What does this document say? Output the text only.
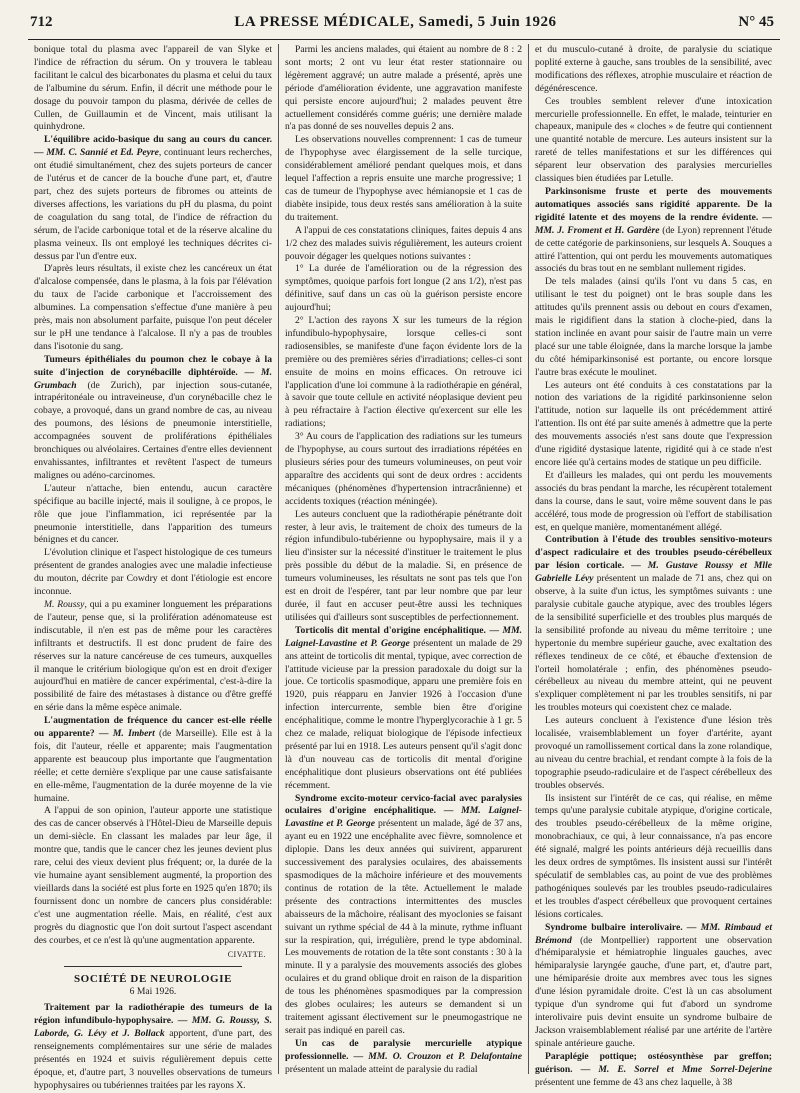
712	LA PRESSE MÉDICALE, Samedi, 5 Juin 1926	N° 45

bonique total du plasma avec l'appareil de van Slyke et l'indice de réfraction du sérum. On y trouvera le tableau facilitant le calcul des bicarbonates du plasma et celui du taux de l'albumine du sérum. Enfin, il décrit une méthode pour le dosage du pouvoir tampon du plasma, dérivée de celles de Cullen, de Guillaumin et de Vincent, mais utilisant la quinhydrone.

L'équilibre acido-basique du sang au cours du cancer. — MM. C. Sannié et Ed. Peyre, continuant leurs recherches, ont étudié simultanément, chez des sujets porteurs de cancer de l'utérus et de cancer de la bouche d'une part, et, d'autre part, chez des sujets porteurs de fibromes ou atteints de diverses affections, les variations du pH du plasma, du point de coagulation du sang total, de l'indice de réfraction du sérum, de l'acide carbonique total et de la réserve alcaline du plasma veineux. Ils ont employé les techniques décrites ci-dessus par l'un d'entre eux.

D'après leurs résultats, il existe chez les cancéreux un état d'alcalose compensée, dans le plasma, à la fois par l'élévation du taux de l'acide carbonique et l'accroissement des albumines. La compensation s'effectue d'une manière à peu près, mais non absolument parfaite, puisque l'on peut déceler sur le pH une tendance à l'alcalose. Il n'y a pas de troubles dans l'isotonie du sang.

Tumeurs épithéliales du poumon chez le cobaye à la suite d'injection de corynébacille diphtéroïde. — M. Grumbach (de Zurich), par injection sous-cutanée, intrapéritonéale ou intraveineuse, d'un corynébacille chez le cobaye, a provoqué, dans un grand nombre de cas, au niveau des poumons, des lésions de pneumonie interstitielle, accompagnées souvent de proliférations épithéliales bronchiques ou alvéolaires. Certaines d'entre elles deviennent envahissantes, infiltrantes et revêtent l'aspect de tumeurs malignes ou adéno-carcinomes.

L'auteur n'attache, bien entendu, aucun caractère spécifique au bacille injecté, mais il souligne, à ce propos, le rôle que joue l'inflammation, ici représentée par la pneumonie interstitielle, dans l'apparition des tumeurs bénignes et du cancer.

L'évolution clinique et l'aspect histologique de ces tumeurs présentent de grandes analogies avec une maladie infectieuse du mouton, décrite par Cowdry et dont l'étiologie est encore inconnue.

M. Roussy, qui a pu examiner longuement les préparations de l'auteur, pense que, si la prolifération adénomateuse est indiscutable, il n'en est pas de même pour les caractères infiltrants et destructifs. Il est donc prudent de faire des réserves sur la nature cancéreuse de ces tumeurs, auxquelles il manque le critérium biologique qu'on est en droit d'exiger aujourd'hui en matière de cancer expérimental, c'est-à-dire la possibilité de faire des métastases à distance ou d'être greffé en série dans la même espèce animale.

L'augmentation de fréquence du cancer est-elle réelle ou apparente? — M. Imbert (de Marseille). Elle est à la fois, dit l'auteur, réelle et apparente; mais l'augmentation apparente est beaucoup plus importante que l'augmentation réelle; et cette dernière s'explique par une cause satisfaisante en elle-même, l'augmentation de la durée moyenne de la vie humaine.

A l'appui de son opinion, l'auteur apporte une statistique des cas de cancer observés à l'Hôtel-Dieu de Marseille depuis un demi-siècle. En classant les malades par leur âge, il montre que, tandis que le cancer chez les jeunes devient plus rare, celui des vieux devient plus fréquent; or, la durée de la vie humaine ayant sensiblement augmenté, la proportion des vieillards dans la société est plus forte en 1925 qu'en 1870; ils fournissent donc un nombre de cancers plus considérable: c'est une augmentation réelle. Mais, en réalité, c'est aux progrès du diagnostic que l'on doit surtout l'aspect ascendant des courbes, et ce n'est là qu'une augmentation apparente.

CIVATTE.
SOCIÉTÉ DE NEUROLOGIE
6 Mai 1926.

Traitement par la radiothérapie des tumeurs de la région infundibulo-hypophysaire. — MM. G. Roussy, S. Laborde, G. Lévy et J. Bollack apportent, d'une part, des renseignements complémentaires sur une série de malades présentés en 1924 et suivis régulièrement depuis cette époque, et, d'autre part, 3 nouvelles observations de tumeurs hypophysaires ou tubériennes traitées par les rayons X.

Parmi les anciens malades, qui étaient au nombre de 8 : 2 sont morts; 2 ont vu leur état rester stationnaire ou légèrement aggravé; un autre malade a présenté, après une période d'amélioration évidente, une aggravation manifeste qui persiste encore aujourd'hui; 2 malades peuvent être actuellement considérés comme guéris; une dernière malade n'a pas donné de ses nouvelles depuis 2 ans.

Les observations nouvelles comprennent: 1 cas de tumeur de l'hypophyse avec élargissement de la selle turcique, considérablement amélioré pendant quelques mois, et dans lequel l'affection a repris ensuite une marche progressive; 1 cas de tumeur de l'hypophyse avec hémianopsie et 1 cas de diabète insipide, tous deux restés sans amélioration à la suite du traitement.

A l'appui de ces constatations cliniques, faites depuis 4 ans 1/2 chez des malades suivis régulièrement, les auteurs croient pouvoir dégager les quelques notions suivantes :

1° La durée de l'amélioration ou de la régression des symptômes, quoique parfois fort longue (2 ans 1/2), n'est pas définitive, sauf dans un cas où la guérison persiste encore aujourd'hui;

2° L'action des rayons X sur les tumeurs de la région infundibulo-hypophysaire, lorsque celles-ci sont radiosensibles, se manifeste d'une façon évidente lors de la première ou des premières séries d'irradiations; celles-ci sont ensuite de moins en moins efficaces. On retrouve ici l'application d'une loi commune à la radiothérapie en général, à savoir que toute cellule en activité néoplasique devient peu à peu réfractaire à l'action élective qu'exercent sur elle les radiations;

3° Au cours de l'application des radiations sur les tumeurs de l'hypophyse, au cours surtout des irradiations répétées en plusieurs séries pour des tumeurs volumineuses, on peut voir apparaître des accidents qui sont de deux ordres : accidents mécaniques (phénomènes d'hypertension intracrânienne) et accidents toxiques (réaction méningée).

Les auteurs concluent que la radiothérapie pénétrante doit rester, à leur avis, le traitement de choix des tumeurs de la région infundibulo-tubérienne ou hypophysaire, mais il y a lieu d'insister sur la nécessité d'instituer le traitement le plus près possible du début de la maladie. Si, en présence de tumeurs volumineuses, les résultats ne sont pas tels que l'on est en droit de l'espérer, tant par leur nombre que par leur durée, il faut en accuser peut-être aussi les techniques utilisées qui d'ailleurs sont susceptibles de perfectionnement.

Torticolis dit mental d'origine encéphalitique. — MM. Laignel-Lavastine et P. George présentent un malade de 29 ans atteint de torticolis dit mental, typique, avec correction de l'attitude vicieuse par la pression paradoxale du doigt sur la joue. Ce torticolis spasmodique, apparu une première fois en 1920, puis réapparu en Janvier 1926 à l'occasion d'une infection intercurrente, semble bien être d'origine encéphalitique, comme le montre l'hyperglycorachie à 1 gr. 5 chez ce malade, reliquat biologique de l'épisode infectieux présenté par lui en 1918. Les auteurs pensent qu'il s'agit donc là d'un nouveau cas de torticolis dit mental d'origine encéphalitique dont plusieurs observations ont été publiées récemment.

Syndrome excito-moteur cervico-facial avec paralysies oculaires d'origine encéphalitique. — MM. Laignel-Lavastine et P. George présentent un malade, âgé de 37 ans, ayant eu en 1922 une encéphalite avec fièvre, somnolence et diplopie. Dans les deux années qui suivirent, apparurent successivement des paralysies oculaires, des abaissements spasmodiques de la mâchoire inférieure et des mouvements continus de rotation de la tête. Actuellement le malade présente des contractions intermittentes des muscles abaisseurs de la mâchoire, réalisant des myoclonies se faisant suivant un rythme spécial de 44 à la minute, rythme influant sur la respiration, qui, irrégulière, prend le type abdominal. Les mouvements de rotation de la tête sont constants : 30 à la minute. Il y a paralysie des mouvements associés des globes oculaires et du grand oblique droit en raison de la disparition de tous les phénomènes spasmodiques par la compression des globes oculaires; les auteurs se demandent si un traitement agissant électivement sur le pneumogastrique ne serait pas indiqué en pareil cas.

Un cas de paralysie mercurielle atypique professionnelle. — MM. O. Crouzon et P. Delafontaine présentent un malade atteint de paralysie du radial

et du musculo-cutané à droite, de paralysie du sciatique poplité externe à gauche, sans troubles de la sensibilité, avec modifications des réflexes, atrophie musculaire et réaction de dégénérescence.

Ces troubles semblent relever d'une intoxication mercurielle professionnelle. En effet, le malade, teinturier en chapeaux, manipule des « cloches » de feutre qui contiennent une quantité notable de mercure. Les auteurs insistent sur la rareté de telles manifestations et sur les différences qui séparent leur observation des paralysies mercurielles classiques bien étudiées par Letulle.

Parkinsonisme fruste et perte des mouvements automatiques associés sans rigidité apparente. De la rigidité latente et des moyens de la rendre évidente. — MM. J. Froment et H. Gardère (de Lyon) reprennent l'étude de cette catégorie de parkinsoniens, sur lesquels A. Souques a attiré l'attention, qui ont perdu les mouvements automatiques associés du bras tout en ne semblant nullement rigides.

De tels malades (ainsi qu'ils l'ont vu dans 5 cas, en utilisant le test du poignet) ont le bras souple dans les attitudes qu'ils prennent assis ou debout en cours d'examen, mais le rigidifient dans la station à cloche-pied, dans la station inclinée en avant pour saisir de l'autre main un verre placé sur une table éloignée, dans la marche lorsque la jambe du côté hémiparkinsonisé est portante, ou encore lorsque l'autre bras exécute le moulinet.

Les auteurs ont été conduits à ces constatations par la notion des variations de la rigidité parkinsonienne selon l'attitude, notion sur laquelle ils ont précédemment attiré l'attention. Ils ont été par suite amenés à admettre que la perte des mouvements associés n'est sans doute que l'expression d'une rigidité dystasique latente, rigidité qui à ce stade n'est encore liée qu'à certains modes de statique un peu difficile.

Et d'ailleurs les malades, qui ont perdu les mouvements associés du bras pendant la marche, les récupèrent totalement dans la course, dans le saut, voire même souvent dans le pas accéléré, tous mode de progression où l'effort de stabilisation est, en quelque manière, momentanément allégé.

Contribution à l'étude des troubles sensitivo-moteurs d'aspect radiculaire et des troubles pseudo-cérébelleux par lésion corticale. — M. Gustave Roussy et Mlle Gabrielle Lévy présentent un malade de 71 ans, chez qui on observe, à la suite d'un ictus, les symptômes suivants : une paralysie cubitale gauche atypique, avec des troubles légers de la sensibilité superficielle et des troubles plus marqués de la sensibilité profonde au niveau du même territoire ; une hypertonie du membre supérieur gauche, avec exaltation des réflexes tendineux de ce côté, et ébauche d'extension de l'orteil homolatérale ; enfin, des phénomènes pseudo-cérébelleux au niveau du membre atteint, qui ne peuvent s'expliquer complètement ni par les troubles sensitifs, ni par les troubles moteurs qui coexistent chez ce malade.

Les auteurs concluent à l'existence d'une lésion très localisée, vraisemblablement un foyer d'artérite, ayant provoqué un ramollissement cortical dans la zone rolandique, au niveau du centre brachial, et rendant compte à la fois de la topographie pseudo-radiculaire et de l'aspect cérébelleux des troubles observés.

Ils insistent sur l'intérêt de ce cas, qui réalise, en même temps qu'une paralysie cubitale atypique, d'origine corticale, des troubles pseudo-cérébelleux de la même origine, monobrachiaux, ce qui, à leur connaissance, n'a pas encore été signalé, malgré les points antérieurs déjà recueillis dans les deux ordres de symptômes. Ils insistent aussi sur l'intérêt spéculatif de semblables cas, au point de vue des problèmes pathogéniques soulevés par les troubles pseudo-radiculaires et les troubles d'aspect cérébelleux que provoquent certaines lésions corticales.

Syndrome bulbaire interolivaire. — MM. Rimbaud et Brémond (de Montpellier) rapportent une observation d'hémiparalysie et hémiatrophie linguales gauches, avec hémiparalysie laryngée gauche, d'une part, et, d'autre part, une hémiparésie droite aux membres avec tous les signes d'une lésion pyramidale droite. C'est là un cas absolument typique d'un syndrome qui fut d'abord un syndrome interolivaire puis devint ensuite un syndrome bulbaire de Jackson vraisemblablement réalisé par une artérite de l'artère spinale antérieure gauche.

Paraplégie pottique; ostéosynthèse par greffon; guérison. — M. E. Sorrel et Mme Sorrel-Dejerine présentent une femme de 43 ans chez laquelle, à 38
